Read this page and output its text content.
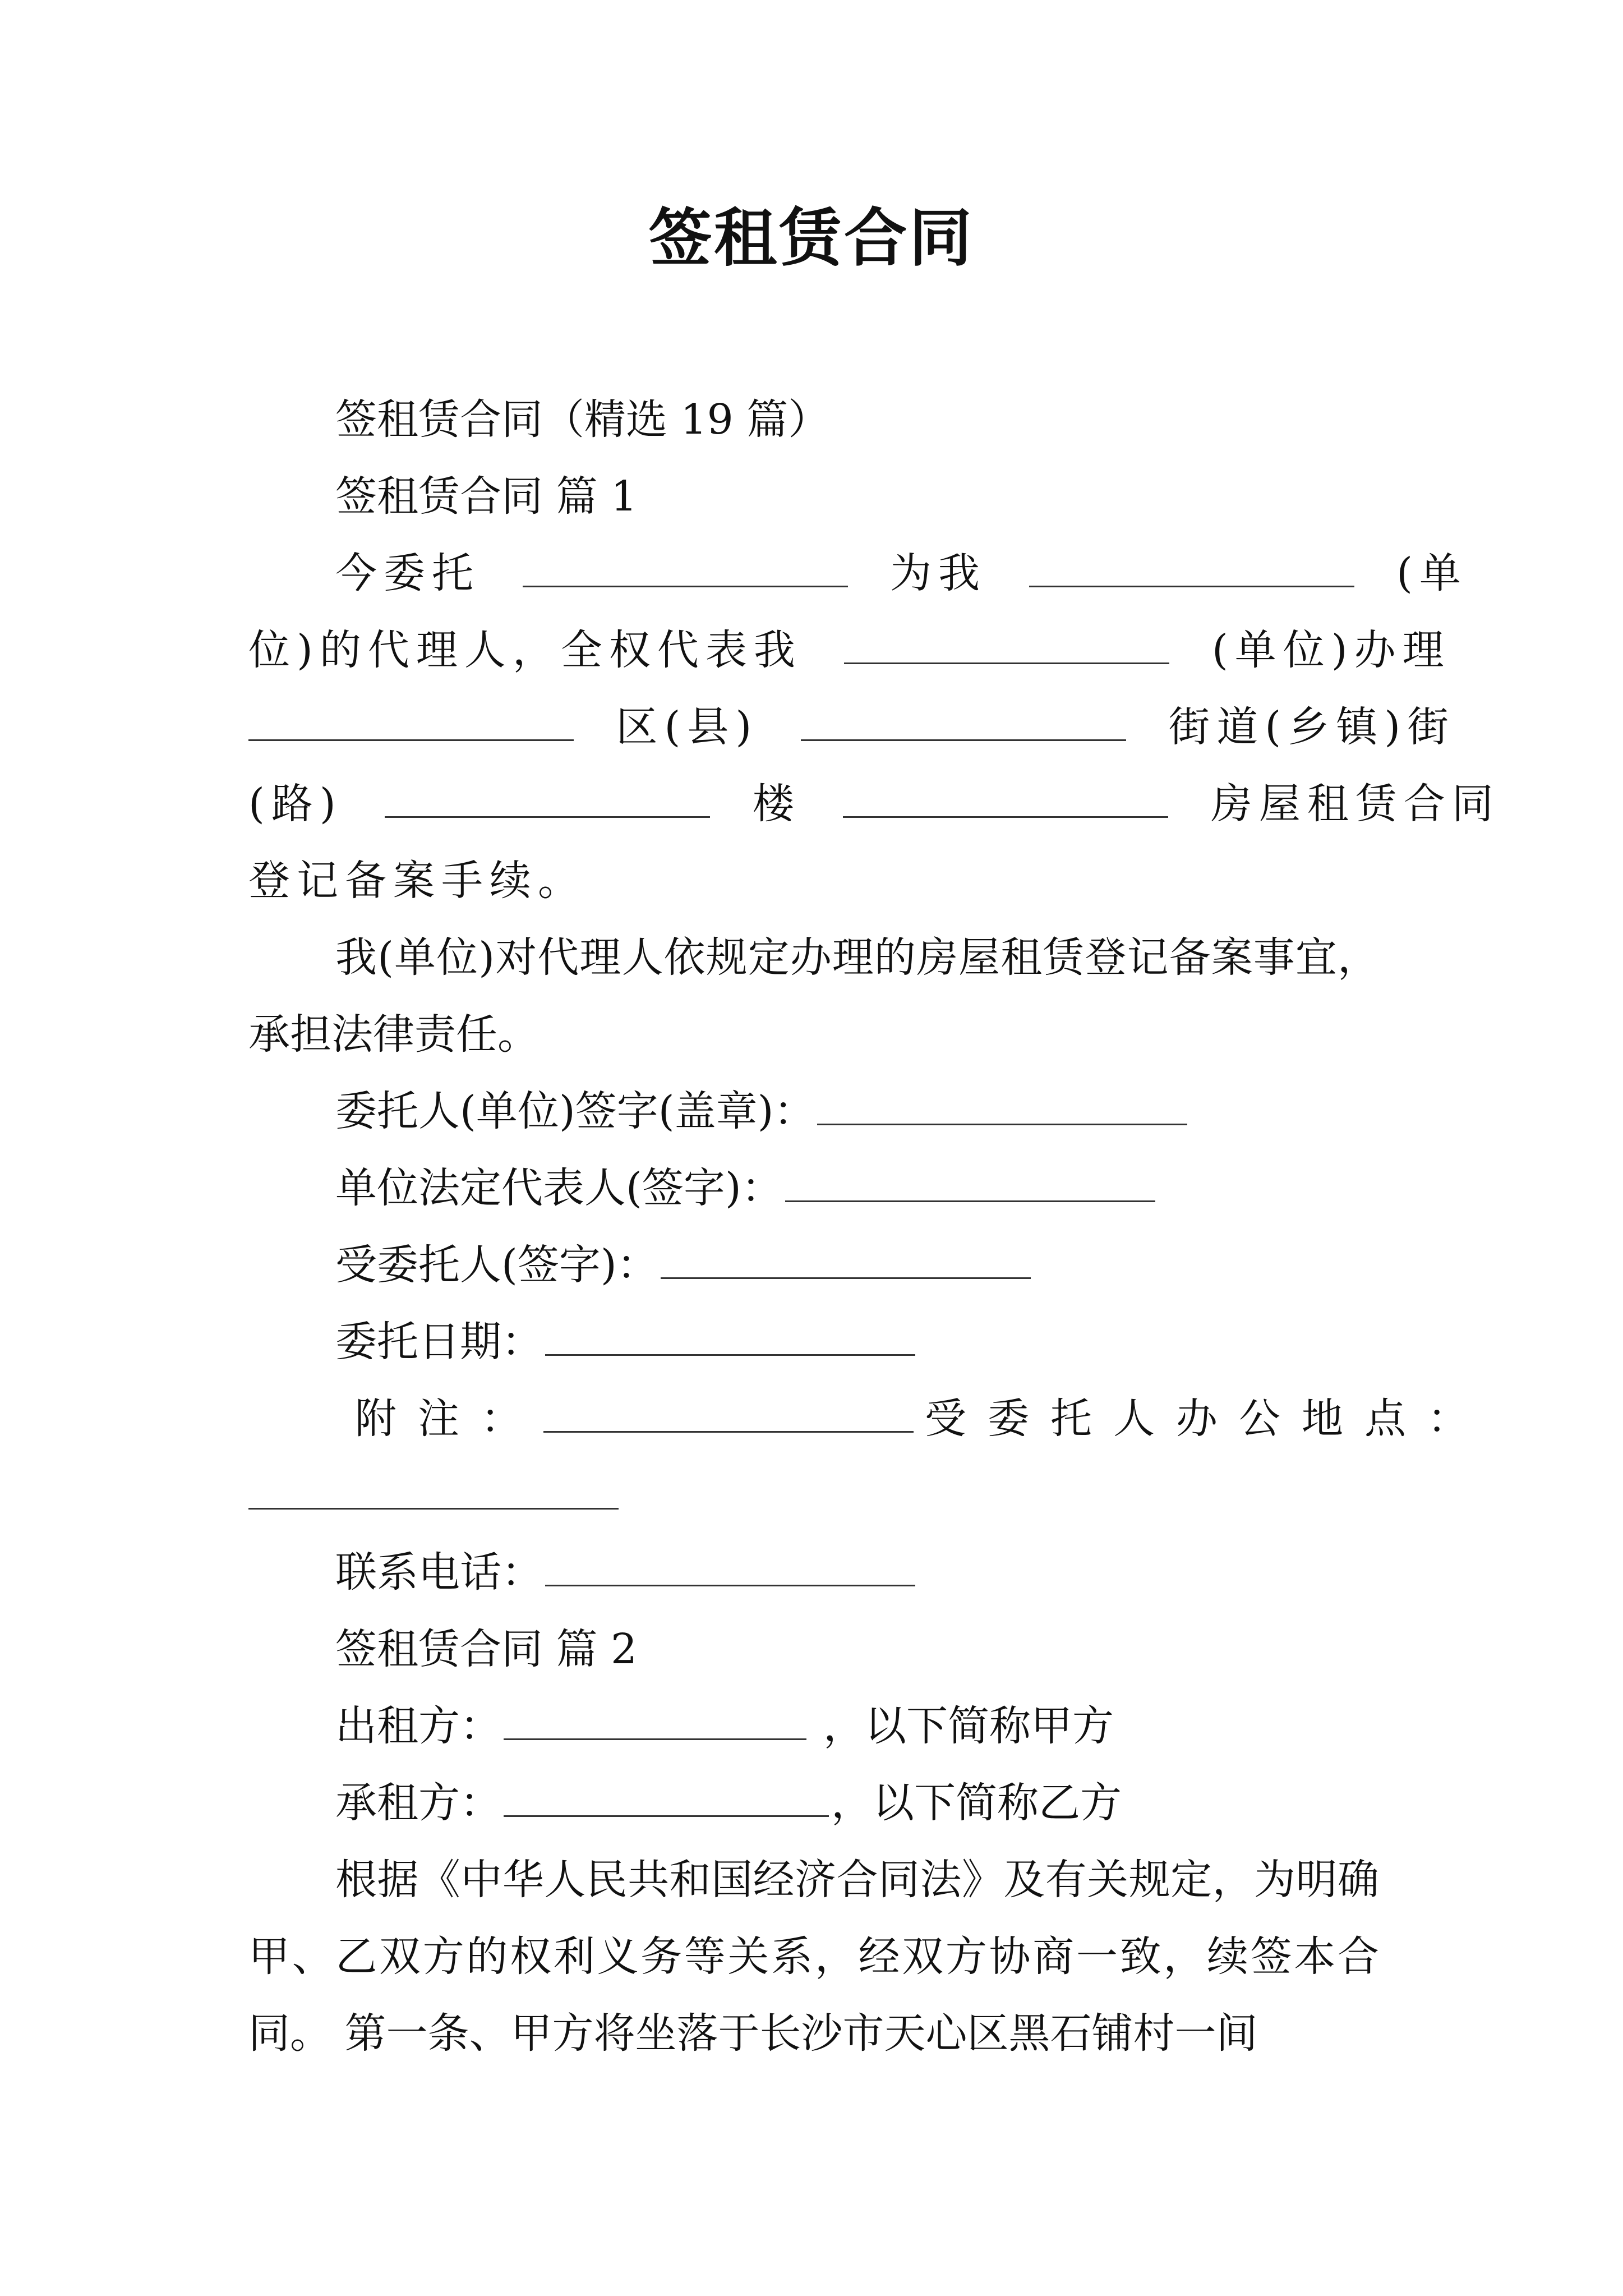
签租赁合同

签租赁合同（精选 19 篇）

签租赁合同 篇 1

今委托	为我	(单
位)的代理人，全权代表我	(单位)办理
区(县)	街道(乡镇)街
(路)	楼	房屋租赁合同
登记备案手续。

我(单位)对代理人依规定办理的房屋租赁登记备案事宜，承担法律责任。

委托人(单位)签字(盖章)：
单位法定代表人(签字)：
受委托人(签字)：
委托日期：
附注：	受委托人办公地点：
联系电话：

签租赁合同 篇 2

出租方：	，以下简称甲方
承租方：	，以下简称乙方

根据《中华人民共和国经济合同法》及有关规定，为明确甲、乙双方的权利义务等关系，经双方协商一致，续签本合同。 第一条、甲方将坐落于长沙市天心区黑石铺村一间
